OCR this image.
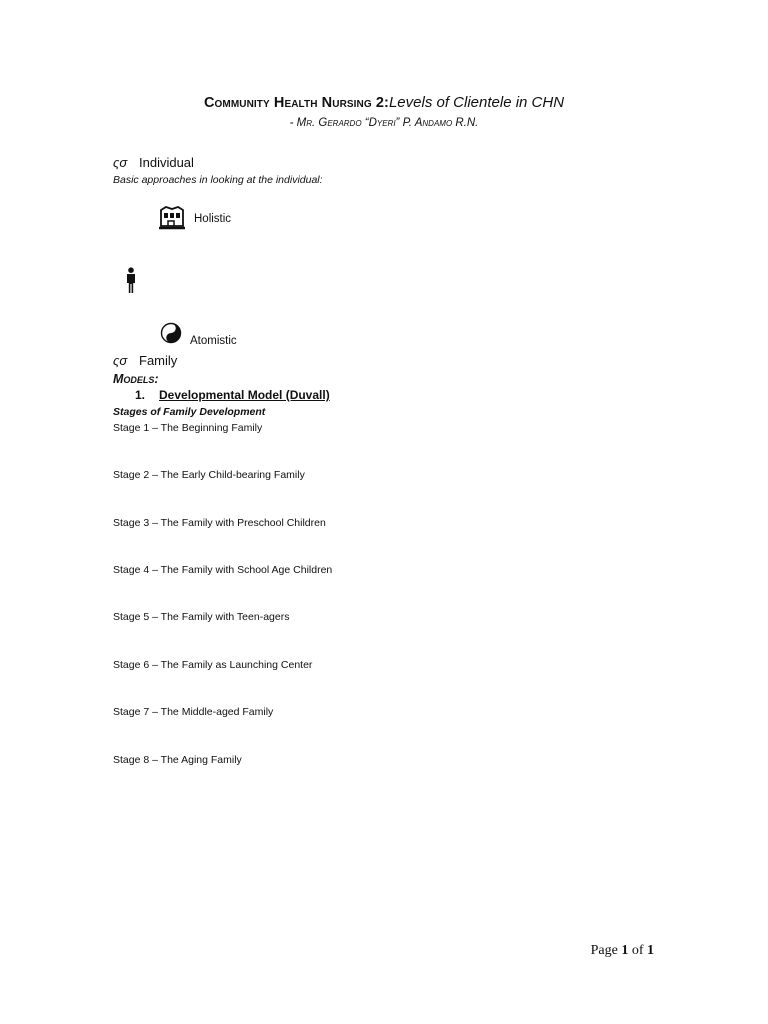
Community Health Nursing 2:Levels of Clientele in CHN
- Mr. Gerardo “Dyeri” P. Andamo R.N.
ςσ Individual
Basic approaches in looking at the individual:
Holistic
Atomistic
ςσ Family
Models:
1. Developmental Model (Duvall)
Stages of Family Development
Stage 1 – The Beginning Family
Stage 2 – The Early Child-bearing Family
Stage 3 – The Family with Preschool Children
Stage 4 – The Family with School Age Children
Stage 5 – The Family with Teen-agers
Stage 6 – The Family as Launching Center
Stage 7 – The Middle-aged Family
Stage 8 – The Aging Family
Page 1 of 1
